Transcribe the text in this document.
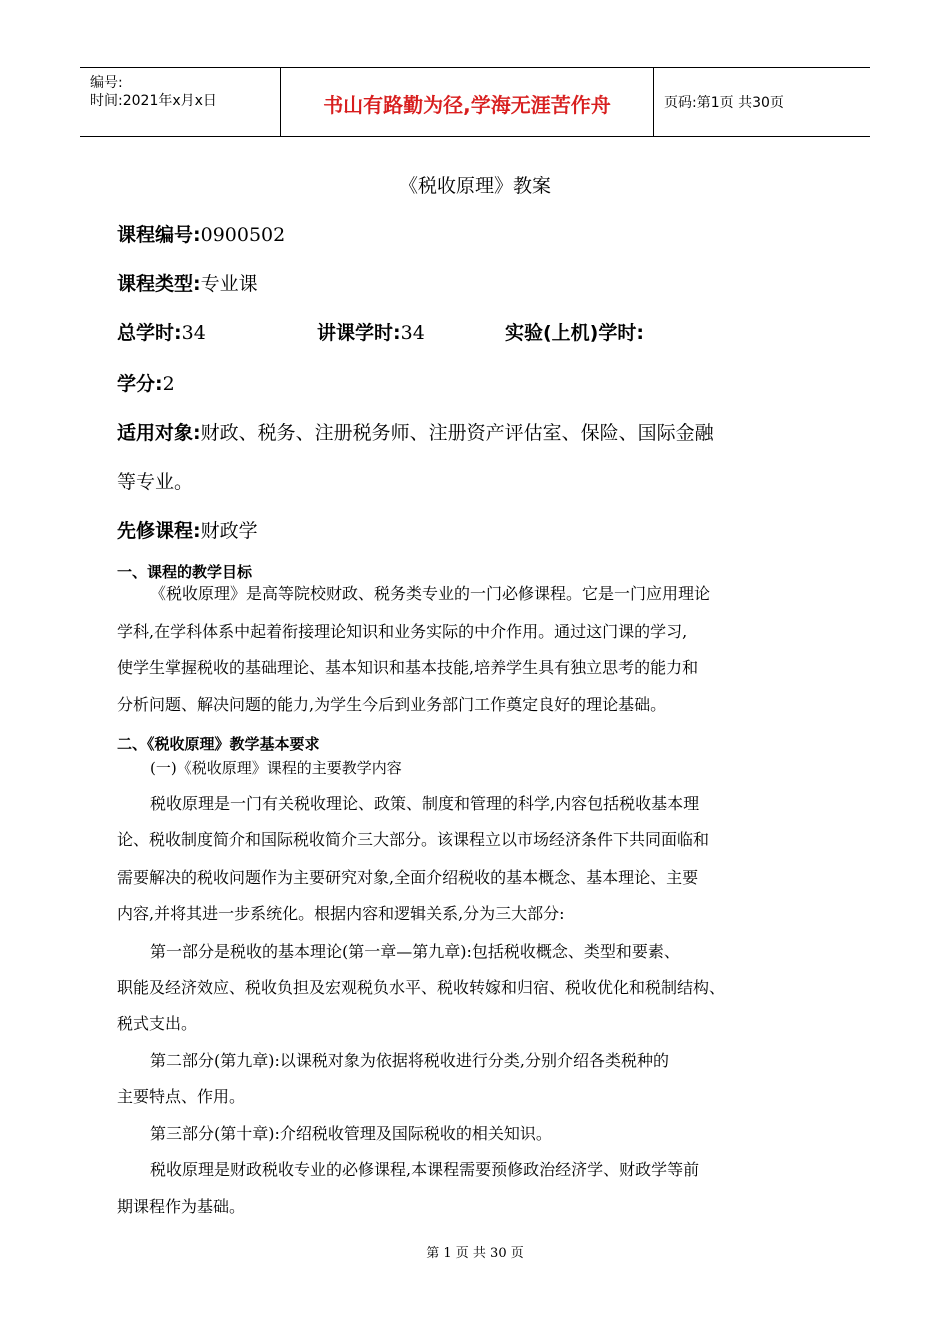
编号:
时间:2021年x月x日	书山有路勤为径,学海无涯苦作舟	页码:第1页 共30页
《税收原理》教案
课程编号:0900502
课程类型:专业课
总学时:34	讲课学时:34	实验(上机)学时:
学分:2
适用对象:财政、税务、注册税务师、注册资产评估室、保险、国际金融
等专业。
先修课程:财政学
一、课程的教学目标
《税收原理》是高等院校财政、税务类专业的一门必修课程。它是一门应用理论
学科,在学科体系中起着衔接理论知识和业务实际的中介作用。通过这门课的学习,
使学生掌握税收的基础理论、基本知识和基本技能,培养学生具有独立思考的能力和
分析问题、解决问题的能力,为学生今后到业务部门工作奠定良好的理论基础。
二、《税收原理》教学基本要求
(一)《税收原理》课程的主要教学内容
税收原理是一门有关税收理论、政策、制度和管理的科学,内容包括税收基本理
论、税收制度简介和国际税收简介三大部分。该课程立以市场经济条件下共同面临和
需要解决的税收问题作为主要研究对象,全面介绍税收的基本概念、基本理论、主要
内容,并将其进一步系统化。根据内容和逻辑关系,分为三大部分:
第一部分是税收的基本理论(第一章—第九章):包括税收概念、类型和要素、
职能及经济效应、税收负担及宏观税负水平、税收转嫁和归宿、税收优化和税制结构、
税式支出。
第二部分(第九章):以课税对象为依据将税收进行分类,分别介绍各类税种的
主要特点、作用。
第三部分(第十章):介绍税收管理及国际税收的相关知识。
税收原理是财政税收专业的必修课程,本课程需要预修政治经济学、财政学等前
期课程作为基础。
第 1 页 共 30 页
